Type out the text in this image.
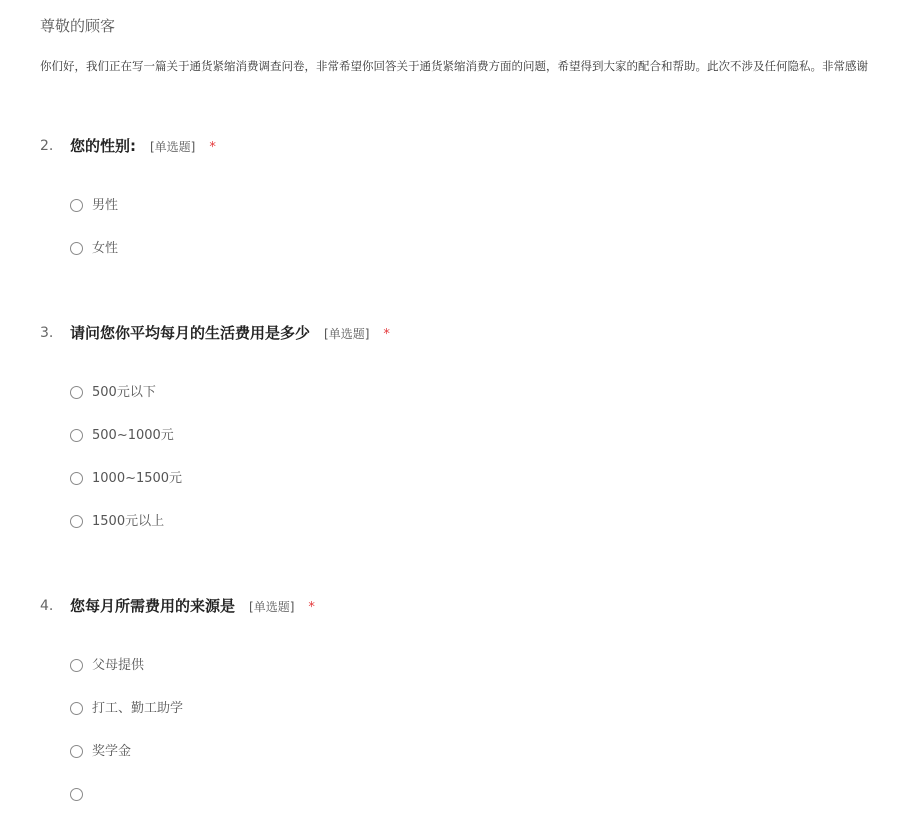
尊敬的顾客
你们好，我们正在写一篇关于通货紧缩消费调查问卷，非常希望你回答关于通货紧缩消费方面的问题，希望得到大家的配合和帮助。此次不涉及任何隐私。非常感谢
2. 您的性别: [单选题] *
男性
女性
3. 请问您你平均每月的生活费用是多少 [单选题] *
500元以下
500~1000元
1000~1500元
1500元以上
4. 您每月所需费用的来源是 [单选题] *
父母提供
打工、勤工助学
奖学金
